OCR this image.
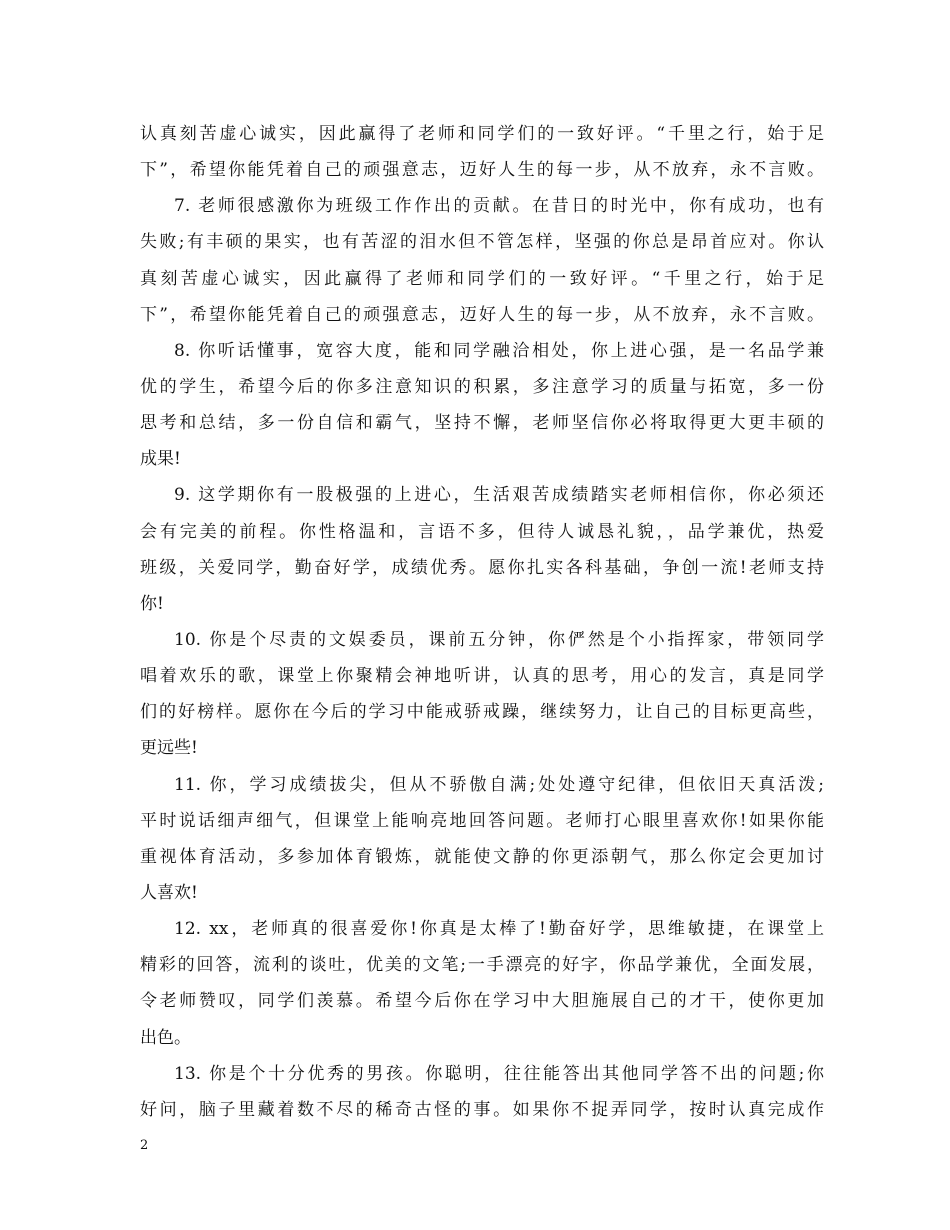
认真刻苦虚心诚实，因此赢得了老师和同学们的一致好评。“千里之行，始于足
下”，希望你能凭着自己的顽强意志，迈好人生的每一步，从不放弃，永不言败。
7. 老师很感激你为班级工作作出的贡献。在昔日的时光中，你有成功，也有
失败;有丰硕的果实，也有苦涩的泪水但不管怎样，坚强的你总是昂首应对。你认
真刻苦虚心诚实，因此赢得了老师和同学们的一致好评。“千里之行，始于足
下”，希望你能凭着自己的顽强意志，迈好人生的每一步，从不放弃，永不言败。
8. 你听话懂事，宽容大度，能和同学融洽相处，你上进心强，是一名品学兼
优的学生，希望今后的你多注意知识的积累，多注意学习的质量与拓宽，多一份
思考和总结，多一份自信和霸气，坚持不懈，老师坚信你必将取得更大更丰硕的
成果!
9. 这学期你有一股极强的上进心，生活艰苦成绩踏实老师相信你，你必须还
会有完美的前程。你性格温和，言语不多，但待人诚恳礼貌，，品学兼优，热爱
班级，关爱同学，勤奋好学，成绩优秀。愿你扎实各科基础，争创一流!老师支持
你!
10. 你是个尽责的文娱委员，课前五分钟，你俨然是个小指挥家，带领同学
唱着欢乐的歌，课堂上你聚精会神地听讲，认真的思考，用心的发言，真是同学
们的好榜样。愿你在今后的学习中能戒骄戒躁，继续努力，让自己的目标更高些，
更远些!
11. 你，学习成绩拔尖，但从不骄傲自满;处处遵守纪律，但依旧天真活泼;
平时说话细声细气，但课堂上能响亮地回答问题。老师打心眼里喜欢你!如果你能
重视体育活动，多参加体育锻炼，就能使文静的你更添朝气，那么你定会更加讨
人喜欢!
12. xx，老师真的很喜爱你!你真是太棒了!勤奋好学，思维敏捷，在课堂上
精彩的回答，流利的谈吐，优美的文笔;一手漂亮的好字，你品学兼优，全面发展，
令老师赞叹，同学们羡慕。希望今后你在学习中大胆施展自己的才干，使你更加
出色。
13. 你是个十分优秀的男孩。你聪明，往往能答出其他同学答不出的问题;你
好问，脑子里藏着数不尽的稀奇古怪的事。如果你不捉弄同学，按时认真完成作
2
